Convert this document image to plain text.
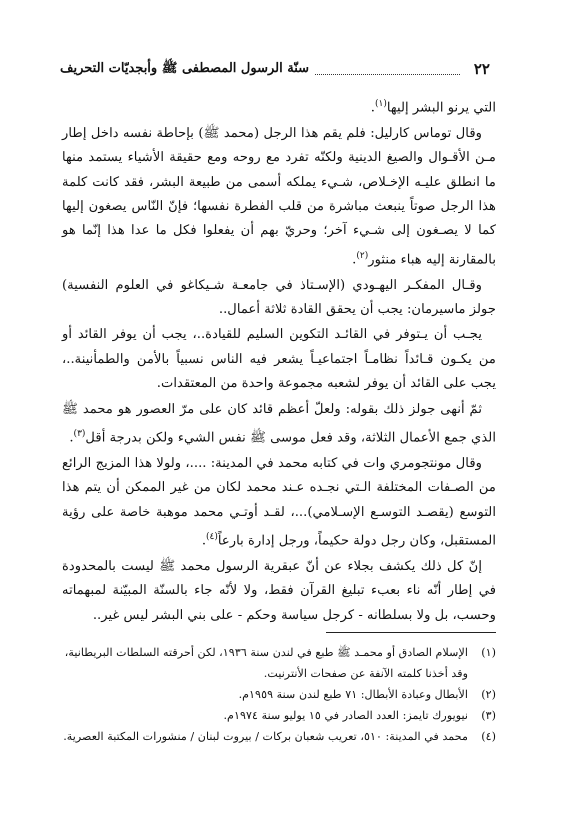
٢٢
سنّة الرسول المصطفى ﷺ وأبجديّات التحريف

التي يرنو البشر إليها$^{(١)}$.

وقال توماس كارليل: فلم يقم هذا الرجل (محمد ﷺ) بإحاطة نفسه داخل إطار مـن الأقـوال والصيغ الدينية ولكنّه تفرد مع روحه ومع حقيقة الأشياء يستمد منها ما انطلق عليـه الإخـلاص، شـيء يملكه أسمى من طبيعة البشر، فقد كانت كلمة هذا الرجل صوتاً ينبعث مباشرة من قلب الفطرة نفسها؛ فإنّ النّاس يصغون إليها كما لا يصـغون إلى شـيء آخر؛ وحريّ بهم أن يفعلوا فكل ما عدا هذا إنّما هو بالمقارنة إليه هباء منثور$^{(٢)}$.

وقـال المفكـر اليهـودي (الإسـتاذ في جامعـة شـيكاغو في العلوم النفسية) جولز ماسيرمان: يجب أن يحقق القادة ثلاثة أعمال..

يجـب أن يـتوفر في القائـد التكوين السليم للقيادة..، يجب أن يوفر القائد أو من يكـون قـائداً نظامـاً اجتماعيـاً يشعر فيه الناس نسبياً بالأمن والطمأنينة..، يجب على القائد أن يوفر لشعبه مجموعة واحدة من المعتقدات.

ثمّ أنهى جولز ذلك بقوله: ولعلّ أعظم قائد كان على مرّ العصور هو محمد ﷺ الذي جمع الأعمال الثلاثة، وقد فعل موسى ﷺ نفس الشيء ولكن بدرجة أقل$^{(٣)}$.

وقال مونتجومري وات في كتابه محمد في المدينة: ....، ولولا هذا المزيج الرائع من الصـفات المختلفة الـتي نجـده عـند محمد لكان من غير الممكن أن يتم هذا التوسع (يقصـد التوسـع الإسـلامي)...، لقـد أوتـي محمد موهبة خاصة على رؤية المستقبل، وكان رجل دولة حكيماً، ورجل إدارة بارعاً$^{(٤)}$.

إنّ كل ذلك يكشف بجلاء عن أنّ عبقرية الرسول محمد ﷺ ليست بالمحدودة في إطار أنّه ناء بعبء تبليغ القرآن فقط، ولا لأنّه جاء بالسنّة المبيّنة لمبهماته وحسب، بل ولا بسلطانه - كرجل سياسة وحكم - على بني البشر ليس غير..

(١)
الإسلام الصادق أو محمـد ﷺ طبع في لندن سنة ١٩٣٦، لكن أحرقته السلطات البريطانية، وقد أخذنا كلمته الآنفة عن صفحات الأنترنيت.
(٢)
الأبطال وعبادة الأبطال: ٧١ طبع لندن سنة ١٩٥٩م.
(٣)
نيويورك تايمز: العدد الصادر في ١٥ يوليو سنة ١٩٧٤م.
(٤)
محمد في المدينة: ٥١٠، تعريب شعبان بركات / بيروت لبنان / منشورات المكتبة العصرية.
